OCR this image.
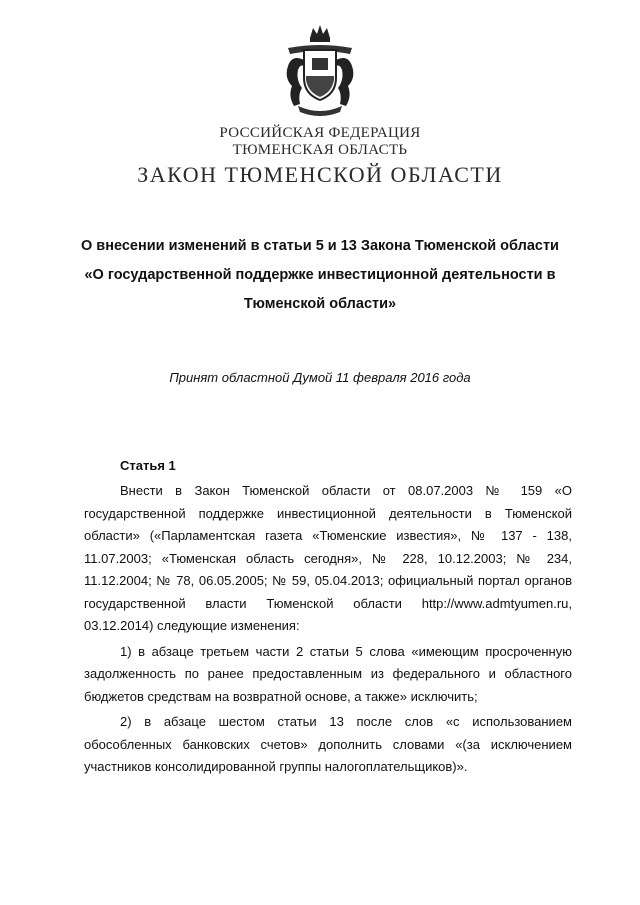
РОССИЙСКАЯ ФЕДЕРАЦИЯ
ТЮМЕНСКАЯ ОБЛАСТЬ
ЗАКОН ТЮМЕНСКОЙ ОБЛАСТИ

О внесении изменений в статьи 5 и 13 Закона Тюменской области «О государственной поддержке инвестиционной деятельности в Тюменской области»

Принят областной Думой 11 февраля 2016 года
Статья 1

Внести в Закон Тюменской области от 08.07.2003 № 159 «О государственной поддержке инвестиционной деятельности в Тюменской области» («Парламентская газета «Тюменские известия», № 137 - 138, 11.07.2003; «Тюменская область сегодня», № 228, 10.12.2003; № 234, 11.12.2004; № 78, 06.05.2005; № 59, 05.04.2013; официальный портал органов государственной власти Тюменской области http://www.admtyumen.ru, 03.12.2014) следующие изменения:

1) в абзаце третьем части 2 статьи 5 слова «имеющим просроченную задолженность по ранее предоставленным из федерального и областного бюджетов средствам на возвратной основе, а также» исключить;

2) в абзаце шестом статьи 13 после слов «с использованием обособленных банковских счетов» дополнить словами «(за исключением участников консолидированной группы налогоплательщиков)».
